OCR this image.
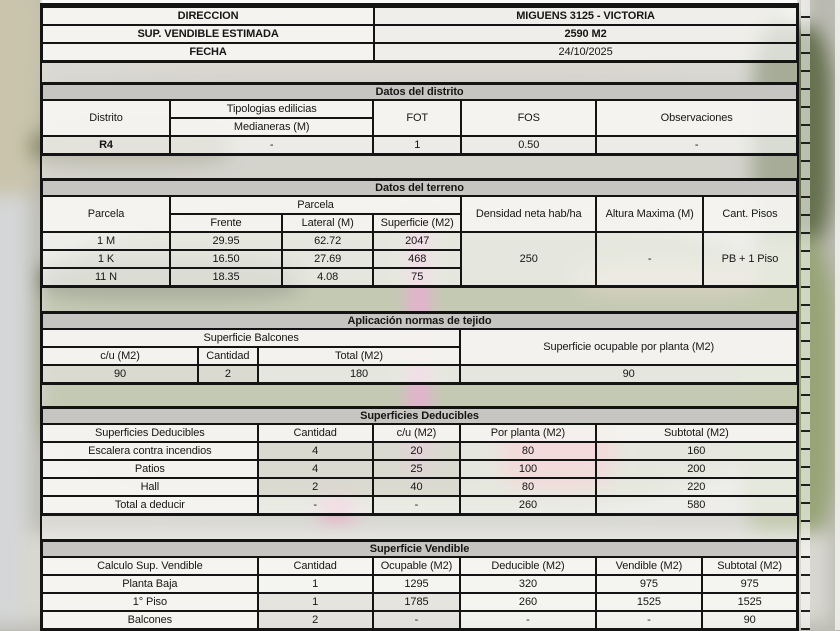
DIRECCION	MIGUENS 3125 - VICTORIA
SUP. VENDIBLE ESTIMADA	2590 M2
FECHA	24/10/2025
Datos del distrito				
Distrito	Tipologias edilicias	FOT	FOS	Observaciones
	Medianeras (M)			
R4	-	1	0.50	-
Datos del terreno						
Parcela	Parcela			Densidad neta hab/ha	Altura Maxima (M)	Cant. Pisos
	Frente	Lateral (M)	Superficie (M2)			
1 M	29.95	62.72	2047	250	-	PB + 1 Piso
1 K	16.50	27.69	468			
11 N	18.35	4.08	75			
Aplicación normas de tejido			
Superficie Balcones			Superficie ocupable por planta (M2)
c/u (M2)	Cantidad	Total (M2)	
90	2	180	90
Superficies Deducibles				
Superficies Deducibles	Cantidad	c/u (M2)	Por planta (M2)	Subtotal (M2)
Escalera contra incendios	4	20	80	160
Patios	4	25	100	200
Hall	2	40	80	220
Total a deducir	-	-	260	580
Superficie Vendible					
Calculo Sup. Vendible	Cantidad	Ocupable (M2)	Deducible (M2)	Vendible (M2)	Subtotal (M2)
Planta Baja	1	1295	320	975	975
1° Piso	1	1785	260	1525	1525
Balcones	2	-	-	-	90
